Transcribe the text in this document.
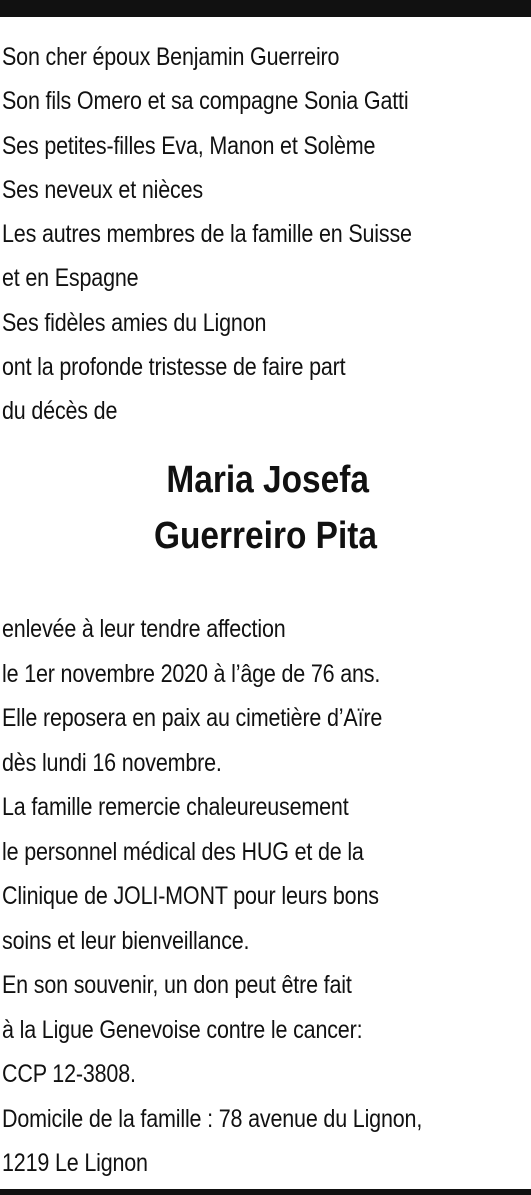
Son cher époux Benjamin Guerreiro
Son fils Omero et sa compagne Sonia Gatti
Ses petites-filles Eva, Manon et Solème
Ses neveux et nièces
Les autres membres de la famille en Suisse
et en Espagne
Ses fidèles amies du Lignon
ont la profonde tristesse de faire part
du décès de
Maria Josefa
Guerreiro Pita
enlevée à leur tendre affection
le 1er novembre 2020 à l’âge de 76 ans.
Elle reposera en paix au cimetière d’Aïre
dès lundi 16 novembre.
La famille remercie chaleureusement
le personnel médical des HUG et de la
Clinique de JOLI-MONT pour leurs bons
soins et leur bienveillance.
En son souvenir, un don peut être fait
à la Ligue Genevoise contre le cancer:
CCP 12-3808.
Domicile de la famille : 78 avenue du Lignon,
1219 Le Lignon
